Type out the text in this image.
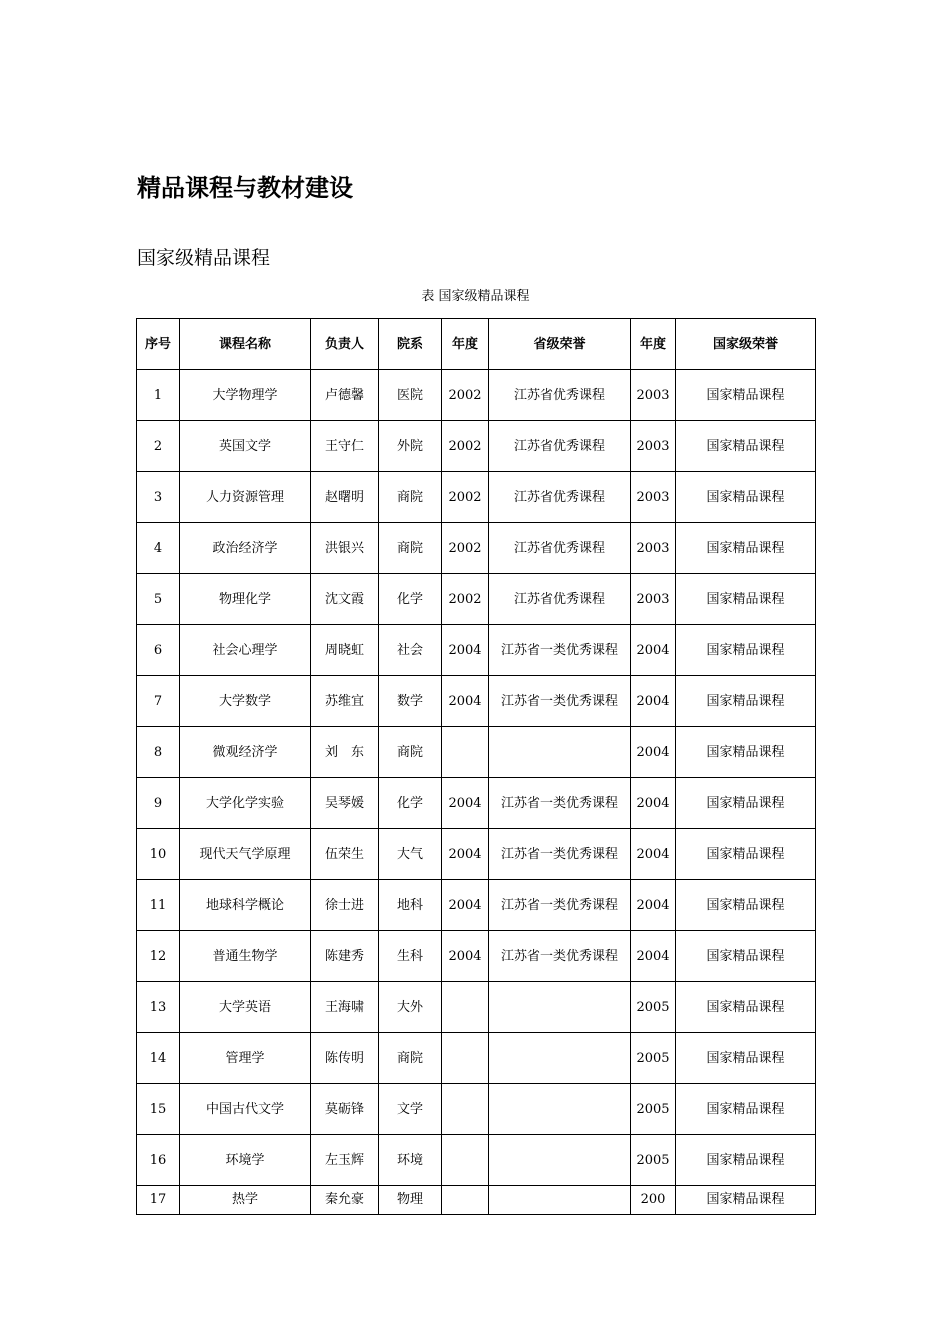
精品课程与教材建设
国家级精品课程
表 国家级精品课程
序号	课程名称	负责人	院系	年度	省级荣誉	年度	国家级荣誉
1	大学物理学	卢德馨	医院	2002	江苏省优秀课程	2003	国家精品课程
2	英国文学	王守仁	外院	2002	江苏省优秀课程	2003	国家精品课程
3	人力资源管理	赵曙明	商院	2002	江苏省优秀课程	2003	国家精品课程
4	政治经济学	洪银兴	商院	2002	江苏省优秀课程	2003	国家精品课程
5	物理化学	沈文霞	化学	2002	江苏省优秀课程	2003	国家精品课程
6	社会心理学	周晓虹	社会	2004	江苏省一类优秀课程	2004	国家精品课程
7	大学数学	苏维宜	数学	2004	江苏省一类优秀课程	2004	国家精品课程
8	微观经济学	刘　东	商院			2004	国家精品课程
9	大学化学实验	吴琴媛	化学	2004	江苏省一类优秀课程	2004	国家精品课程
10	现代天气学原理	伍荣生	大气	2004	江苏省一类优秀课程	2004	国家精品课程
11	地球科学概论	徐士进	地科	2004	江苏省一类优秀课程	2004	国家精品课程
12	普通生物学	陈建秀	生科	2004	江苏省一类优秀课程	2004	国家精品课程
13	大学英语	王海啸	大外			2005	国家精品课程
14	管理学	陈传明	商院			2005	国家精品课程
15	中国古代文学	莫砺锋	文学			2005	国家精品课程
16	环境学	左玉辉	环境			2005	国家精品课程
17	热学	秦允豪	物理			200	国家精品课程
